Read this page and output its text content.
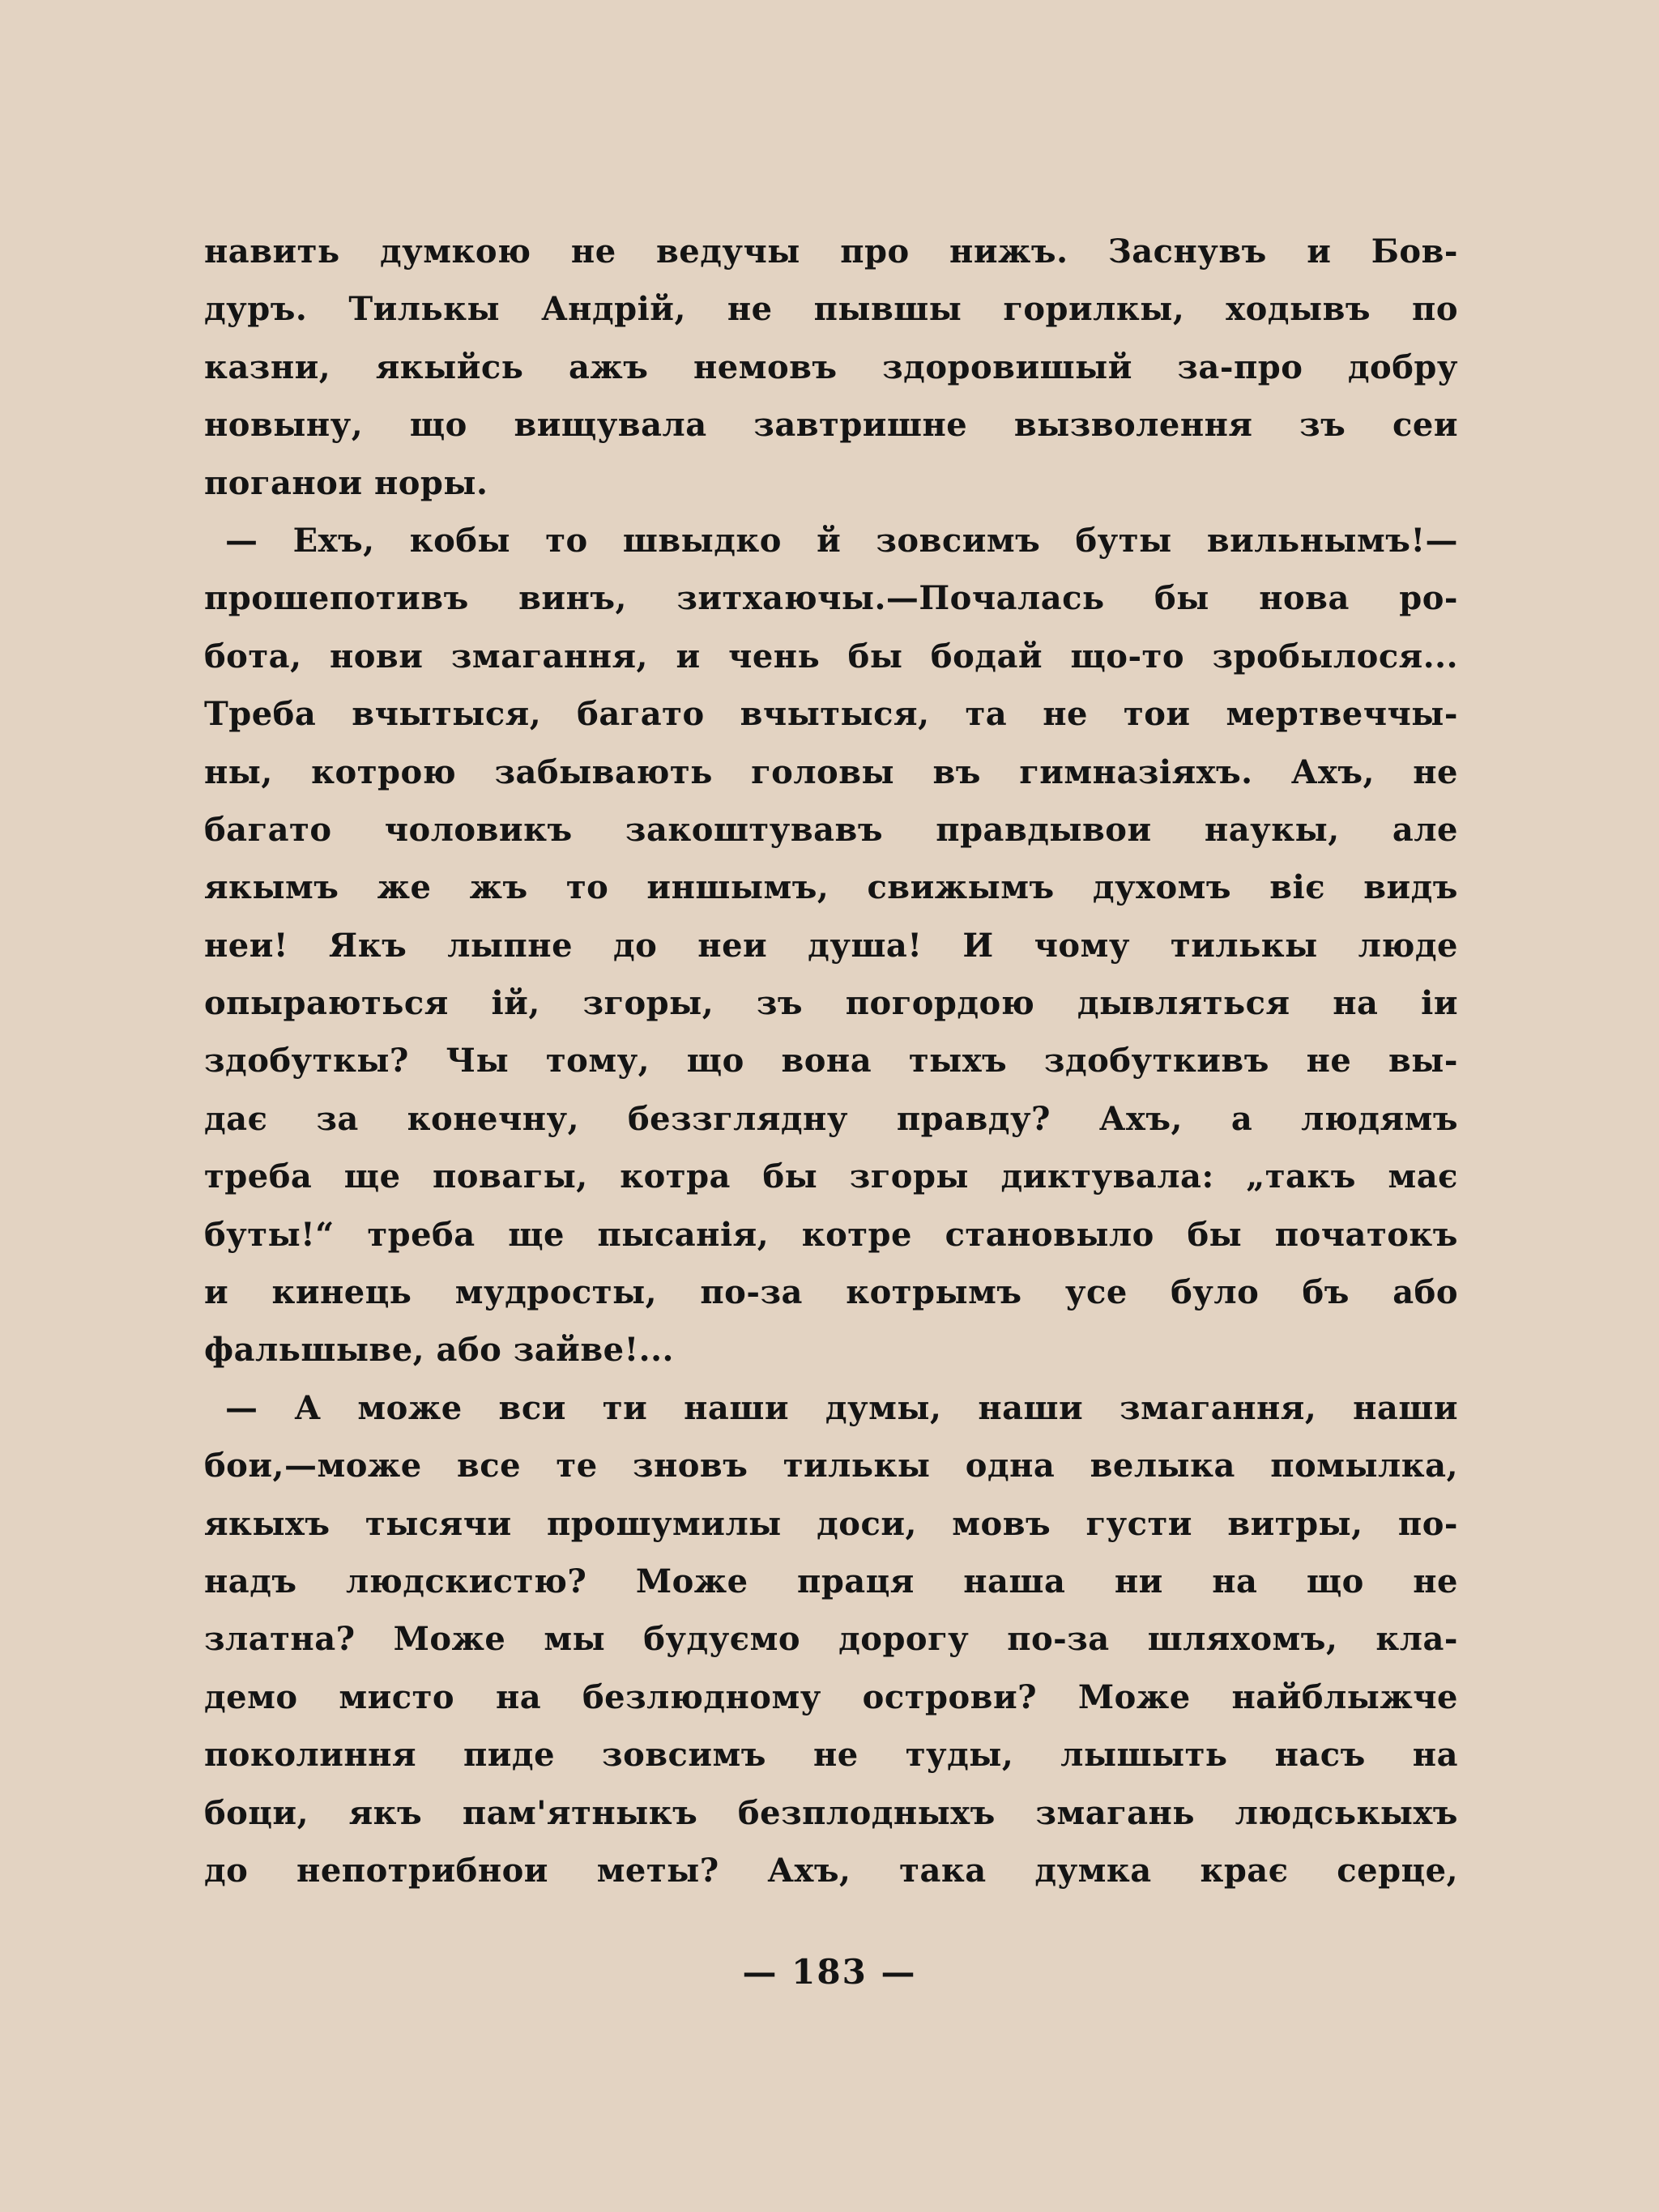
навить думкою не ведучы про нижъ. Заснувъ и Бов-
дуръ. Тилькы Андрій, не пывшы горилкы, ходывъ по
казни, якыйсь ажъ немовъ здоровишый за-про добру
новыну, що вищувала завтришне вызволення зъ сеи
поганои норы.
— Ехъ, кобы то швыдко й зовсимъ буты вильнымъ!—
прошепотивъ винъ, зитхаючы.—Почалась бы нова ро-
бота, нови змагання, и чень бы бодай що-то зробылося...
Треба вчытыся, багато вчытыся, та не тои мертвеччы-
ны, котрою забывають головы въ гимназіяхъ. Ахъ, не
багато чоловикъ закоштувавъ правдывои наукы, але
якымъ же жъ то иншымъ, свижымъ духомъ віє видъ
неи! Якъ лыпне до неи душа! И чому тилькы люде
опыраються ій, згоры, зъ погордою дывляться на іи
здобуткы? Чы тому, що вона тыхъ здобуткивъ не вы-
дає за конечну, беззглядну правду? Ахъ, а людямъ
треба ще повагы, котра бы згоры диктувала: „такъ має
буты!“ треба ще пысанія, котре становыло бы початокъ
и кинець мудросты, по-за котрымъ усе було бъ або
фальшыве, або зайве!...
— А може вси ти наши думы, наши змагання, наши
бои,—може все те зновъ тилькы одна велыка помылка,
якыхъ тысячи прошумилы доси, мовъ густи витры, по-
надъ людскистю? Може праця наша ни на що не
златна? Може мы будуємо дорогу по-за шляхомъ, кла-
демо мисто на безлюдному острови? Може найблыжче
поколиння пиде зовсимъ не туды, лышыть насъ на
боци, якъ пам'ятныкъ безплодныхъ змагань людськыхъ
до непотрибнои меты? Ахъ, така думка крає серце,
— 183 —
